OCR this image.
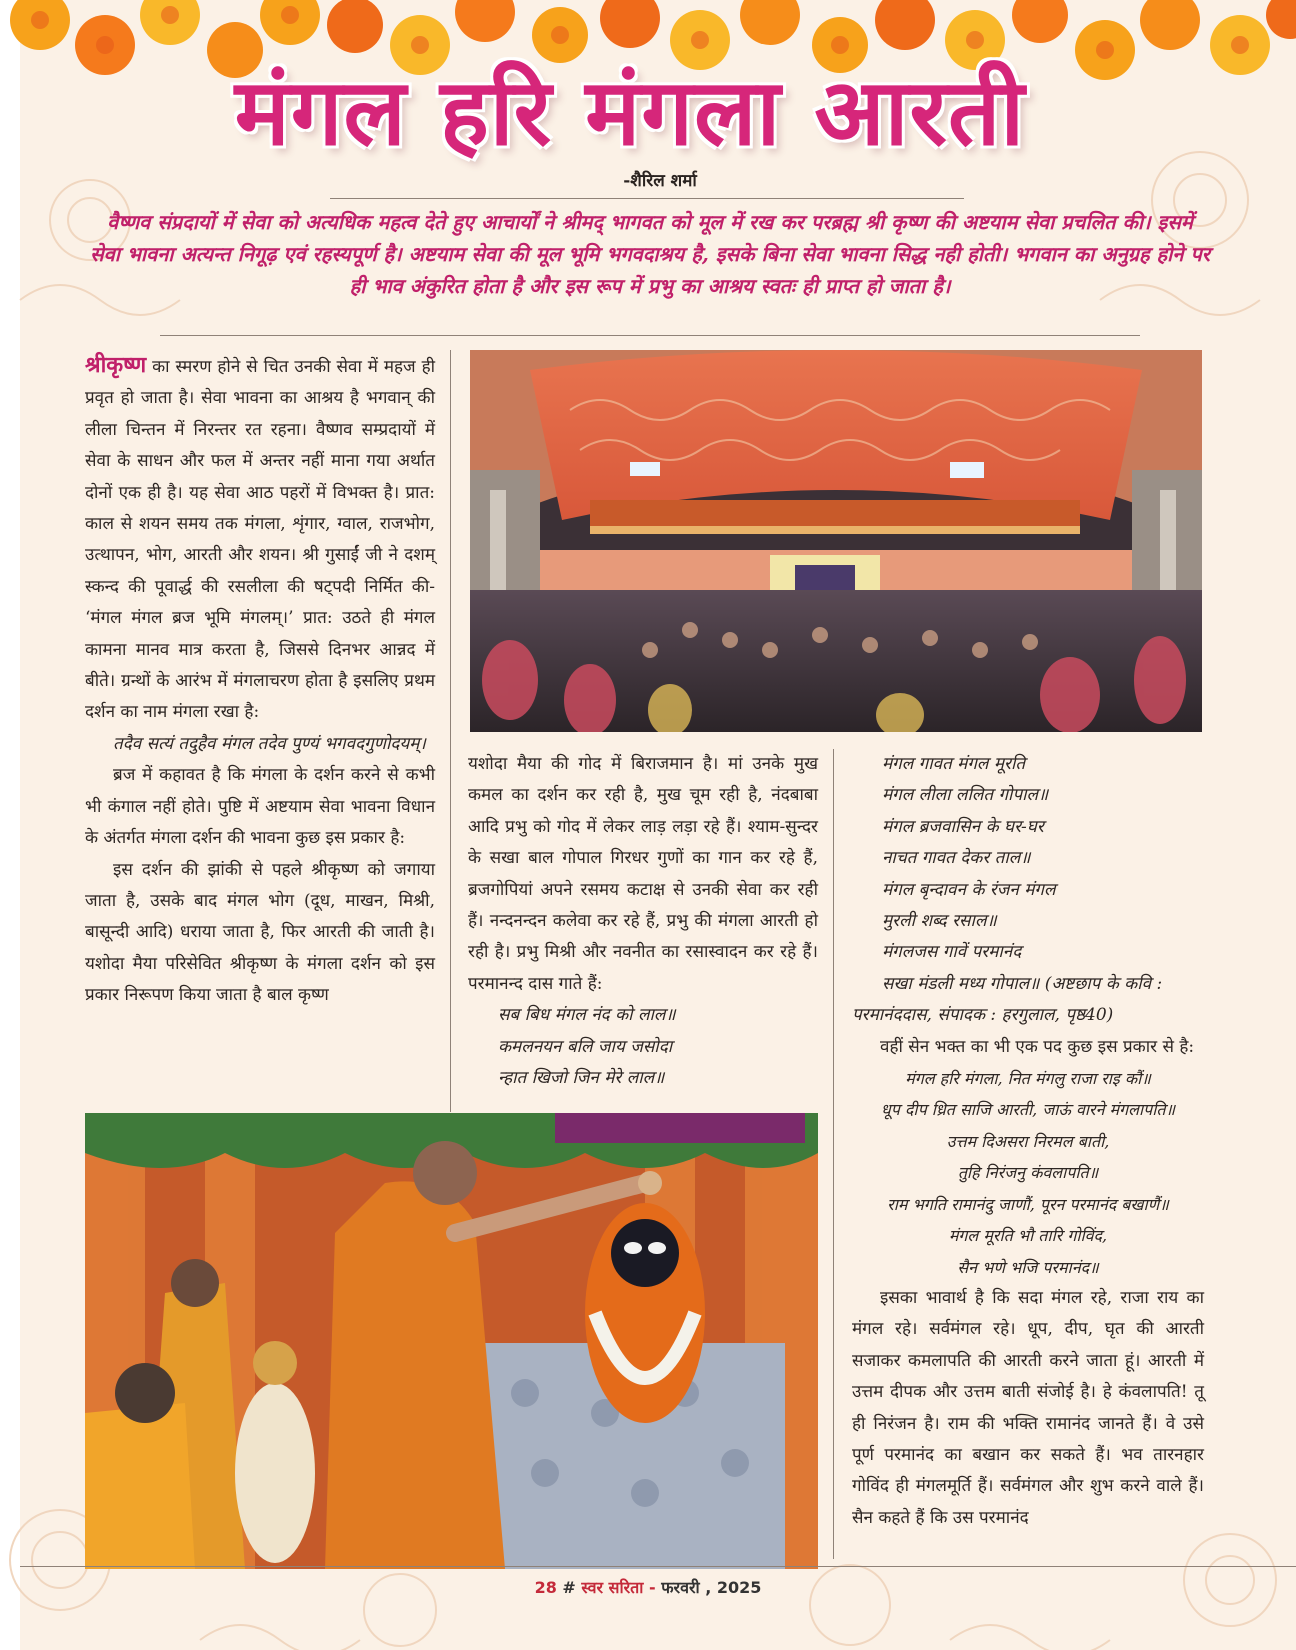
मंगल हरि मंगला आरती
-शैरिल शर्मा
वैष्णव संप्रदायों में सेवा को अत्यधिक महत्व देते हुए आचार्यों ने श्रीमद् भागवत को मूल में रख कर परब्रह्म श्री कृष्ण की अष्टयाम सेवा प्रचलित की। इसमें सेवा भावना अत्यन्त निगूढ़ एवं रहस्यपूर्ण है। अष्टयाम सेवा की मूल भूमि भगवदाश्रय है, इसके बिना सेवा भावना सिद्ध नही होती। भगवान का अनुग्रह होने पर ही भाव अंकुरित होता है और इस रूप में प्रभु का आश्रय स्वतः ही प्राप्त हो जाता है।

श्रीकृष्ण का स्मरण होने से चित उनकी सेवा में महज ही प्रवृत हो जाता है। सेवा भावना का आश्रय है भगवान् की लीला चिन्तन में निरन्तर रत रहना। वैष्णव सम्प्रदायों में सेवा के साधन और फल में अन्तर नहीं माना गया अर्थात दोनों एक ही है। यह सेवा आठ पहरों में विभक्त है। प्रात: काल से शयन समय तक मंगला, शृंगार, ग्वाल, राजभोग, उत्थापन, भोग, आरती और शयन। श्री गुसाईं जी ने दशम् स्कन्द की पूवार्द्ध की रसलीला की षट्पदी निर्मित की- ‘मंगल मंगल ब्रज भूमि मंगलम्।’ प्रात: उठते ही मंगल कामना मानव मात्र करता है, जिससे दिनभर आन्नद में बीते। ग्रन्थों के आरंभ में मंगलाचरण होता है इसलिए प्रथम दर्शन का नाम मंगला रखा है:

तदैव सत्यं तदुहैव मंगल तदेव पुण्यं भगवदगुणोदयम्।

ब्रज में कहावत है कि मंगला के दर्शन करने से कभी भी कंगाल नहीं होते। पुष्टि में अष्टयाम सेवा भावना विधान के अंतर्गत मंगला दर्शन की भावना कुछ इस प्रकार है:

इस दर्शन की झांकी से पहले श्रीकृष्ण को जगाया जाता है, उसके बाद मंगल भोग (दूध, माखन, मिश्री, बासून्दी आदि) धराया जाता है, फिर आरती की जाती है। यशोदा मैया परिसेवित श्रीकृष्ण के मंगला दर्शन को इस प्रकार निरूपण किया जाता है बाल कृष्ण

यशोदा मैया की गोद में बिराजमान है। मां उनके मुख कमल का दर्शन कर रही है, मुख चूम रही है, नंदबाबा आदि प्रभु को गोद में लेकर लाड़ लड़ा रहे हैं। श्याम-सुन्दर के सखा बाल गोपाल गिरधर गुणों का गान कर रहे हैं, ब्रजगोपियां अपने रसमय कटाक्ष से उनकी सेवा कर रही हैं। नन्दनन्दन कलेवा कर रहे हैं, प्रभु की मंगला आरती हो रही है। प्रभु मिश्री और नवनीत का रसास्वादन कर रहे हैं। परमानन्द दास गाते हैं:

सब बिध मंगल नंद को लाल॥
कमलनयन बलि जाय जसोदा
न्हात खिजो जिन मेरे लाल॥
मंगल गावत मंगल मूरति
मंगल लीला ललित गोपाल॥
मंगल ब्रजवासिन के घर-घर
नाचत गावत देकर ताल॥
मंगल बृन्दावन के रंजन मंगल
मुरली शब्द रसाल॥
मंगलजस गावें परमानंद
सखा मंडली मध्य गोपाल॥ (अष्टछाप के कवि :

परमानंददास, संपादक : हरगुलाल, पृष्ठ40)

वहीं सेन भक्त का भी एक पद कुछ इस प्रकार से है:

मंगल हरि मंगला, नित मंगलु राजा राइ कौं॥
धूप दीप ध्रित साजि आरती, जाऊं वारने मंगलापति॥
उत्तम दिअसरा निरमल बाती,
तुहि निरंजनु कंवलापति॥
राम भगति रामानंदु जाणौं, पूरन परमानंद बखाणैं॥
मंगल मूरति भौ तारि गोविंद,
सैन भणे भजि परमानंद॥

इसका भावार्थ है कि सदा मंगल रहे, राजा राय का मंगल रहे। सर्वमंगल रहे। धूप, दीप, घृत की आरती सजाकर कमलापति की आरती करने जाता हूं। आरती में उत्तम दीपक और उत्तम बाती संजोई है। हे कंवलापति! तू ही निरंजन है। राम की भक्ति रामानंद जानते हैं। वे उसे पूर्ण परमानंद का बखान कर सकते हैं। भव तारनहार गोविंद ही मंगलमूर्ति हैं। सर्वमंगल और शुभ करने वाले हैं। सैन कहते हैं कि उस परमानंद

28 # स्वर सरिता - फरवरी , 2025
